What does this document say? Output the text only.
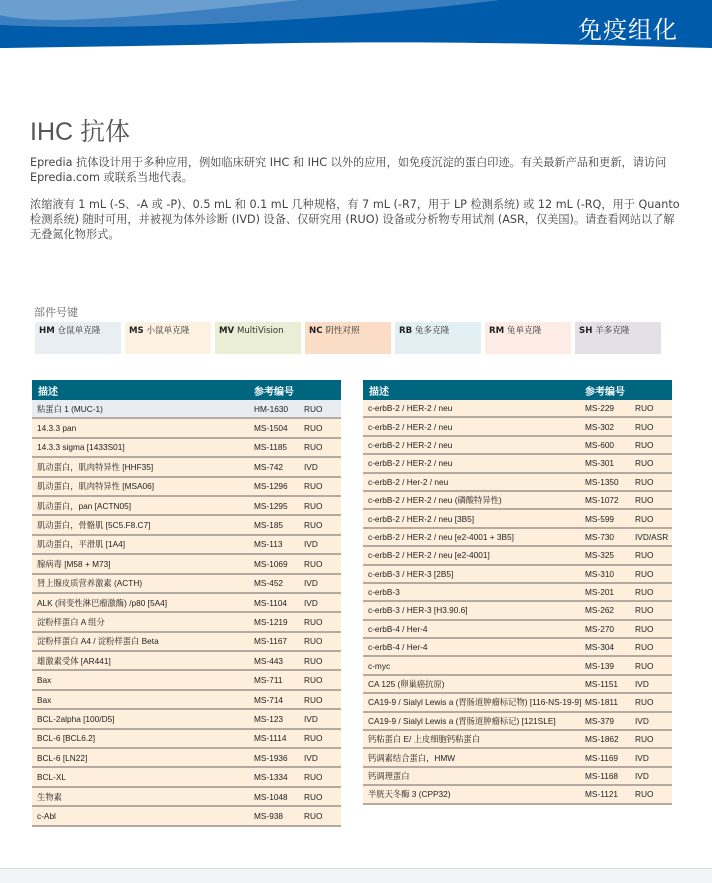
免疫组化
IHC 抗体

Epredia 抗体设计用于多种应用，例如临床研究 IHC 和 IHC 以外的应用，如免疫沉淀的蛋白印迹。有关最新产品和更新，请访问 Epredia.com 或联系当地代表。

浓缩液有 1 mL (-S、-A 或 -P)、0.5 mL 和 0.1 mL 几种规格，有 7 mL (-R7，用于 LP 检测系统) 或 12 mL (-RQ，用于 Quanto 检测系统) 随时可用，并被视为体外诊断 (IVD) 设备、仅研究用 (RUO) 设备或分析物专用试剂 (ASR，仅美国)。请查看网站以了解无叠氮化物形式。

部件号键
HM 仓鼠单克隆	MS 小鼠单克隆	MV MultiVision	NC 阴性对照	RB 兔多克隆	RM 兔单克隆	SH 羊多克隆
描述	参考编号
粘蛋白 1 (MUC-1)	HM-1630	RUO
14.3.3 pan	MS-1504	RUO
14.3.3 sigma [1433S01]	MS-1185	RUO
肌动蛋白，肌肉特异性 [HHF35]	MS-742	IVD
肌动蛋白，肌肉特异性 [MSA06]	MS-1296	RUO
肌动蛋白，pan [ACTN05]	MS-1295	RUO
肌动蛋白，骨骼肌 [5C5.F8.C7]	MS-185	RUO
肌动蛋白，平滑肌 [1A4]	MS-113	IVD
腺病毒 [M58 + M73]	MS-1069	RUO
肾上腺皮质营养激素 (ACTH)	MS-452	IVD
ALK (间变性淋巴瘤激酶) /p80 [5A4]	MS-1104	IVD
淀粉样蛋白 A 组分	MS-1219	RUO
淀粉样蛋白 A4 / 淀粉样蛋白 Beta	MS-1167	RUO
雄激素受体 [AR441]	MS-443	RUO
Bax	MS-711	RUO
Bax	MS-714	RUO
BCL-2alpha [100/D5]	MS-123	IVD
BCL-6 [BCL6.2]	MS-1114	RUO
BCL-6 [LN22]	MS-1936	IVD
BCL-XL	MS-1334	RUO
生物素	MS-1048	RUO
c-Abl	MS-938	RUO
描述	参考编号
c-erbB-2 / HER-2 / neu	MS-229	RUO
c-erbB-2 / HER-2 / neu	MS-302	RUO
c-erbB-2 / HER-2 / neu	MS-600	RUO
c-erbB-2 / HER-2 / neu	MS-301	RUO
c-erbB-2 / Her-2 / neu	MS-1350	RUO
c-erbB-2 / HER-2 / neu (磷酸特异性)	MS-1072	RUO
c-erbB-2 / HER-2 / neu [3B5]	MS-599	RUO
c-erbB-2 / HER-2 / neu [e2-4001 + 3B5]	MS-730	IVD/ASR
c-erbB-2 / HER-2 / neu [e2-4001]	MS-325	RUO
c-erbB-3 / HER-3 [2B5]	MS-310	RUO
c-erbB-3	MS-201	RUO
c-erbB-3 / HER-3 [H3.90.6]	MS-262	RUO
c-erbB-4 / Her-4	MS-270	RUO
c-erbB-4 / Her-4	MS-304	RUO
c-myc	MS-139	RUO
CA 125 (卵巢癌抗原)	MS-1151	IVD
CA19-9 / Sialyl Lewis a (胃肠道肿瘤标记物) [116-NS-19-9] MS-1811	RUO
CA19-9 / Sialyl Lewis a (胃肠道肿瘤标记) [121SLE]	MS-379	IVD
钙粘蛋白 E/ 上皮细胞钙粘蛋白	MS-1862	RUO
钙调素结合蛋白，HMW	MS-1169	IVD
钙调理蛋白	MS-1168	IVD
半胱天冬酶 3 (CPP32)	MS-1121	RUO
